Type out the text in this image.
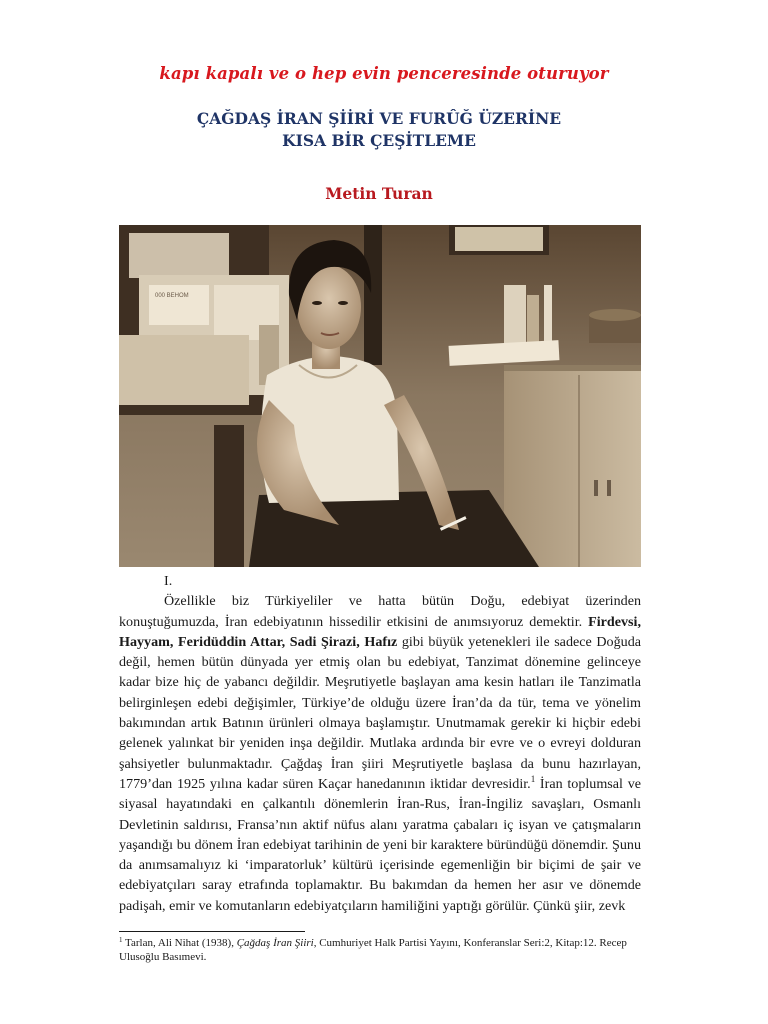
kapı kapalı ve o hep evin penceresinde oturuyor
ÇAĞDAŞ İRAN ŞİİRİ VE FURÛĞ ÜZERİNE
KISA BİR ÇEŞİTLEME
Metin Turan
000 BEHOM

I.

Özellikle biz Türkiyeliler ve hatta bütün Doğu, edebiyat üzerinden konuştuğumuzda, İran edebiyatının hissedilir etkisini de anımsıyoruz demektir. Firdevsi, Hayyam, Feridüddin Attar, Sadi Şirazi, Hafız gibi büyük yetenekleri ile sadece Doğuda değil, hemen bütün dünyada yer etmiş olan bu edebiyat, Tanzimat dönemine gelinceye kadar bize hiç de yabancı değildir. Meşrutiyetle başlayan ama kesin hatları ile Tanzimatla belirginleşen edebi değişimler, Türkiye’de olduğu üzere İran’da da tür, tema ve yönelim bakımından artık Batının ürünleri olmaya başlamıştır. Unutmamak gerekir ki hiçbir edebi gelenek yalınkat bir yeniden inşa değildir. Mutlaka ardında bir evre ve o evreyi dolduran şahsiyetler bulunmaktadır. Çağdaş İran şiiri Meşrutiyetle başlasa da bunu hazırlayan, 1779’dan 1925 yılına kadar süren Kaçar hanedanının iktidar devresidir.$^1$ İran toplumsal ve siyasal hayatındaki en çalkantılı dönemlerin İran-Rus, İran-İngiliz savaşları, Osmanlı Devletinin saldırısı, Fransa’nın aktif nüfus alanı yaratma çabaları iç isyan ve çatışmaların yaşandığı bu dönem İran edebiyat tarihinin de yeni bir karaktere büründüğü dönemdir. Şunu da anımsamalıyız ki ‘imparatorluk’ kültürü içerisinde egemenliğin bir biçimi de şair ve edebiyatçıları saray etrafında toplamaktır. Bu bakımdan da hemen her asır ve dönemde padişah, emir ve komutanların edebiyatçıların hamiliğini yaptığı görülür. Çünkü şiir, zevk

$^1$ Tarlan, Ali Nihat (1938), Çağdaş İran Şiiri, Cumhuriyet Halk Partisi Yayını, Konferanslar Seri:2, Kitap:12. Recep Ulusoğlu Basımevi.
